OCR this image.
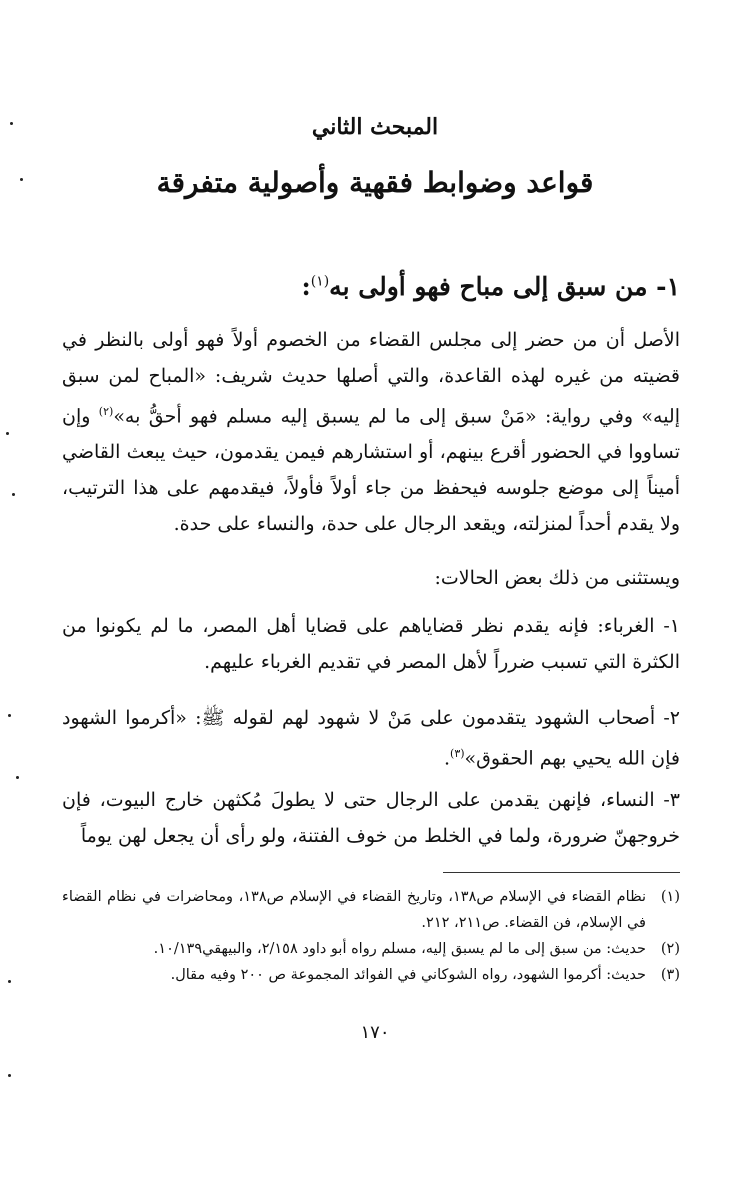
المبحث الثاني
قواعد وضوابط فقهية وأصولية متفرقة
١- من سبق إلى مباح فهو أولى به$^{(١)}$:
الأصل أن من حضر إلى مجلس القضاء من الخصوم أولاً فهو أولى بالنظر في قضيته من غيره لهذه القاعدة، والتي أصلها حديث شريف: «المباح لمن سبق إليه» وفي رواية: «مَنْ سبق إلى ما لم يسبق إليه مسلم فهو أحقُّ به»$^{(٢)}$ وإن تساووا في الحضور أقرع بينهم، أو استشارهم فيمن يقدمون، حيث يبعث القاضي أميناً إلى موضع جلوسه فيحفظ من جاء أولاً فأولاً، فيقدمهم على هذا الترتيب، ولا يقدم أحداً لمنزلته، ويقعد الرجال على حدة، والنساء على حدة.
ويستثنى من ذلك بعض الحالات:
١- الغرباء: فإنه يقدم نظر قضاياهم على قضايا أهل المصر، ما لم يكونوا من الكثرة التي تسبب ضرراً لأهل المصر في تقديم الغرباء عليهم.
٢- أصحاب الشهود يتقدمون على مَنْ لا شهود لهم لقوله ﷺ: «أكرموا الشهود فإن الله يحيي بهم الحقوق»$^{(٣)}$.
٣- النساء، فإنهن يقدمن على الرجال حتى لا يطولَ مُكثهن خارج البيوت، فإن خروجهنّ ضرورة، ولما في الخلط من خوف الفتنة، ولو رأى أن يجعل لهن يوماً
(١)
نظام القضاء في الإسلام ص١٣٨، وتاريخ القضاء في الإسلام ص١٣٨، ومحاضرات في نظام القضاء في الإسلام، فن القضاء. ص٢١١، ٢١٢.
(٢)
حديث: من سبق إلى ما لم يسبق إليه، مسلم رواه أبو داود ٢/١٥٨، والبيهقي١٠/١٣٩.
(٣)
حديث: أكرموا الشهود، رواه الشوكاني في الفوائد المجموعة ص ٢٠٠ وفيه مقال.
١٧٠
